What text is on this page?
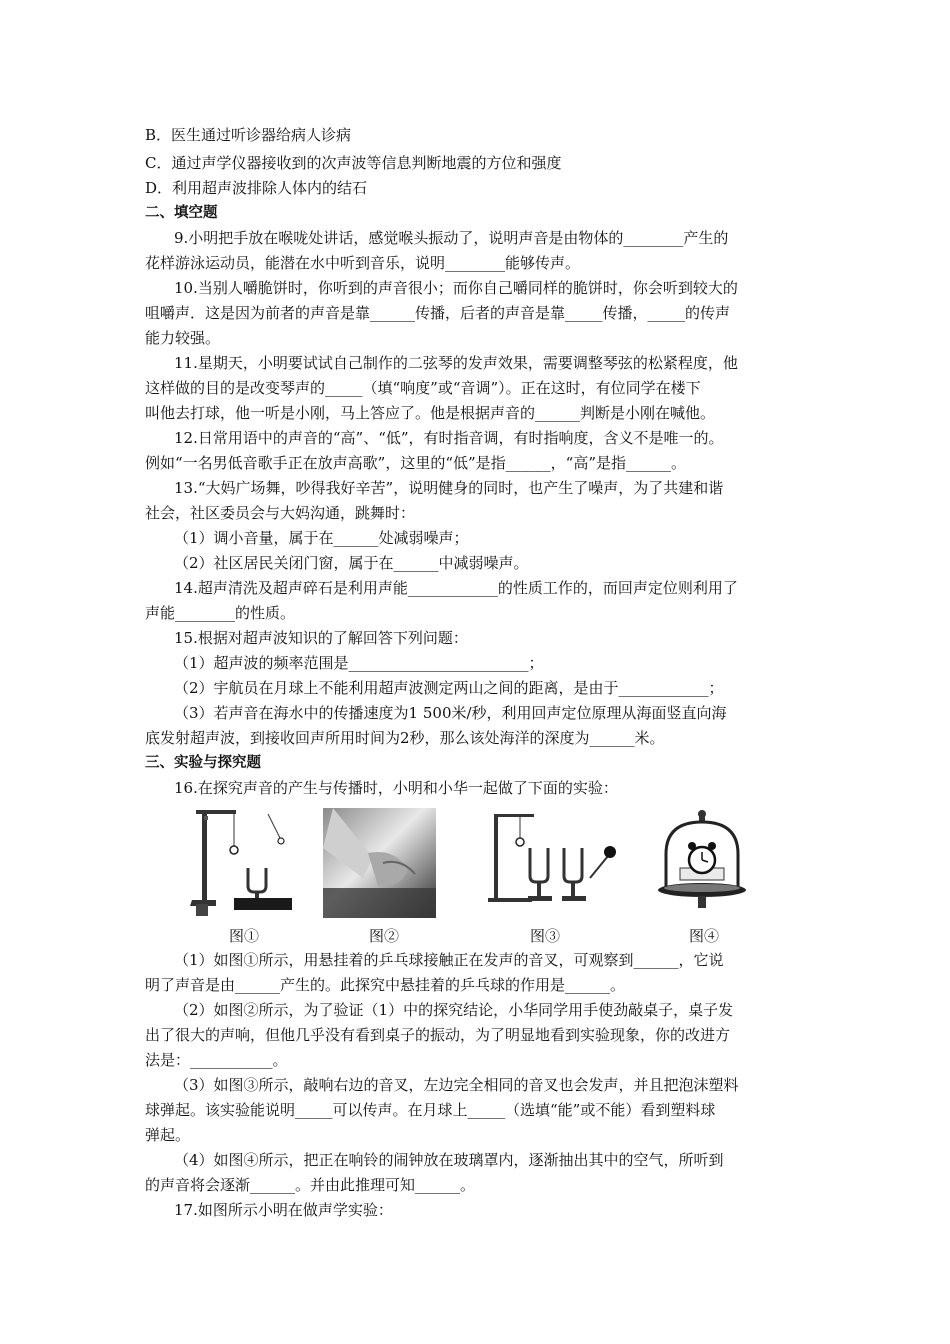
B．医生通过听诊器给病人诊病
C．通过声学仪器接收到的次声波等信息判断地震的方位和强度
D．利用超声波排除人体内的结石
二、填空题
9.小明把手放在喉咙处讲话，感觉喉头振动了，说明声音是由物体的________产生的
花样游泳运动员，能潜在水中听到音乐，说明________能够传声。
10.当别人嚼脆饼时，你听到的声音很小；而你自己嚼同样的脆饼时，你会听到较大的
咀嚼声．这是因为前者的声音是靠______传播，后者的声音是靠_____传播，_____的传声
能力较强。
11.星期天，小明要试试自己制作的二弦琴的发声效果，需要调整琴弦的松紧程度，他
这样做的目的是改变琴声的_____（填“响度”或“音调”）。正在这时，有位同学在楼下
叫他去打球，他一听是小刚，马上答应了。他是根据声音的______判断是小刚在喊他。
12.日常用语中的声音的“高”、“低”，有时指音调，有时指响度，含义不是唯一的。
例如“一名男低音歌手正在放声高歌”，这里的“低”是指______，“高”是指______。
13.“大妈广场舞，吵得我好辛苦”，说明健身的同时，也产生了噪声，为了共建和谐
社会，社区委员会与大妈沟通，跳舞时：
（1）调小音量，属于在______处减弱噪声；
（2）社区居民关闭门窗，属于在______中减弱噪声。
14.超声清洗及超声碎石是利用声能____________的性质工作的，而回声定位则利用了
声能________的性质。
15.根据对超声波知识的了解回答下列问题：
（1）超声波的频率范围是________________________；
（2）宇航员在月球上不能利用超声波测定两山之间的距离，是由于____________；
（3）若声音在海水中的传播速度为1 500米/秒，利用回声定位原理从海面竖直向海
底发射超声波，到接收回声所用时间为2秒，那么该处海洋的深度为______米。
三、实验与探究题
16.在探究声音的产生与传播时，小明和小华一起做了下面的实验：
图①	图②	图③	图④
（1）如图①所示，用悬挂着的乒乓球接触正在发声的音叉，可观察到______，它说
明了声音是由______产生的。此探究中悬挂着的乒乓球的作用是______。
（2）如图②所示，为了验证（1）中的探究结论，小华同学用手使劲敲桌子，桌子发
出了很大的声响，但他几乎没有看到桌子的振动，为了明显地看到实验现象，你的改进方
法是：___________。
（3）如图③所示，敲响右边的音叉，左边完全相同的音叉也会发声，并且把泡沫塑料
球弹起。该实验能说明_____可以传声。在月球上_____（选填“能”或不能）看到塑料球
弹起。
（4）如图④所示，把正在响铃的闹钟放在玻璃罩内，逐渐抽出其中的空气，所听到
的声音将会逐渐______。并由此推理可知______。
17.如图所示小明在做声学实验：
